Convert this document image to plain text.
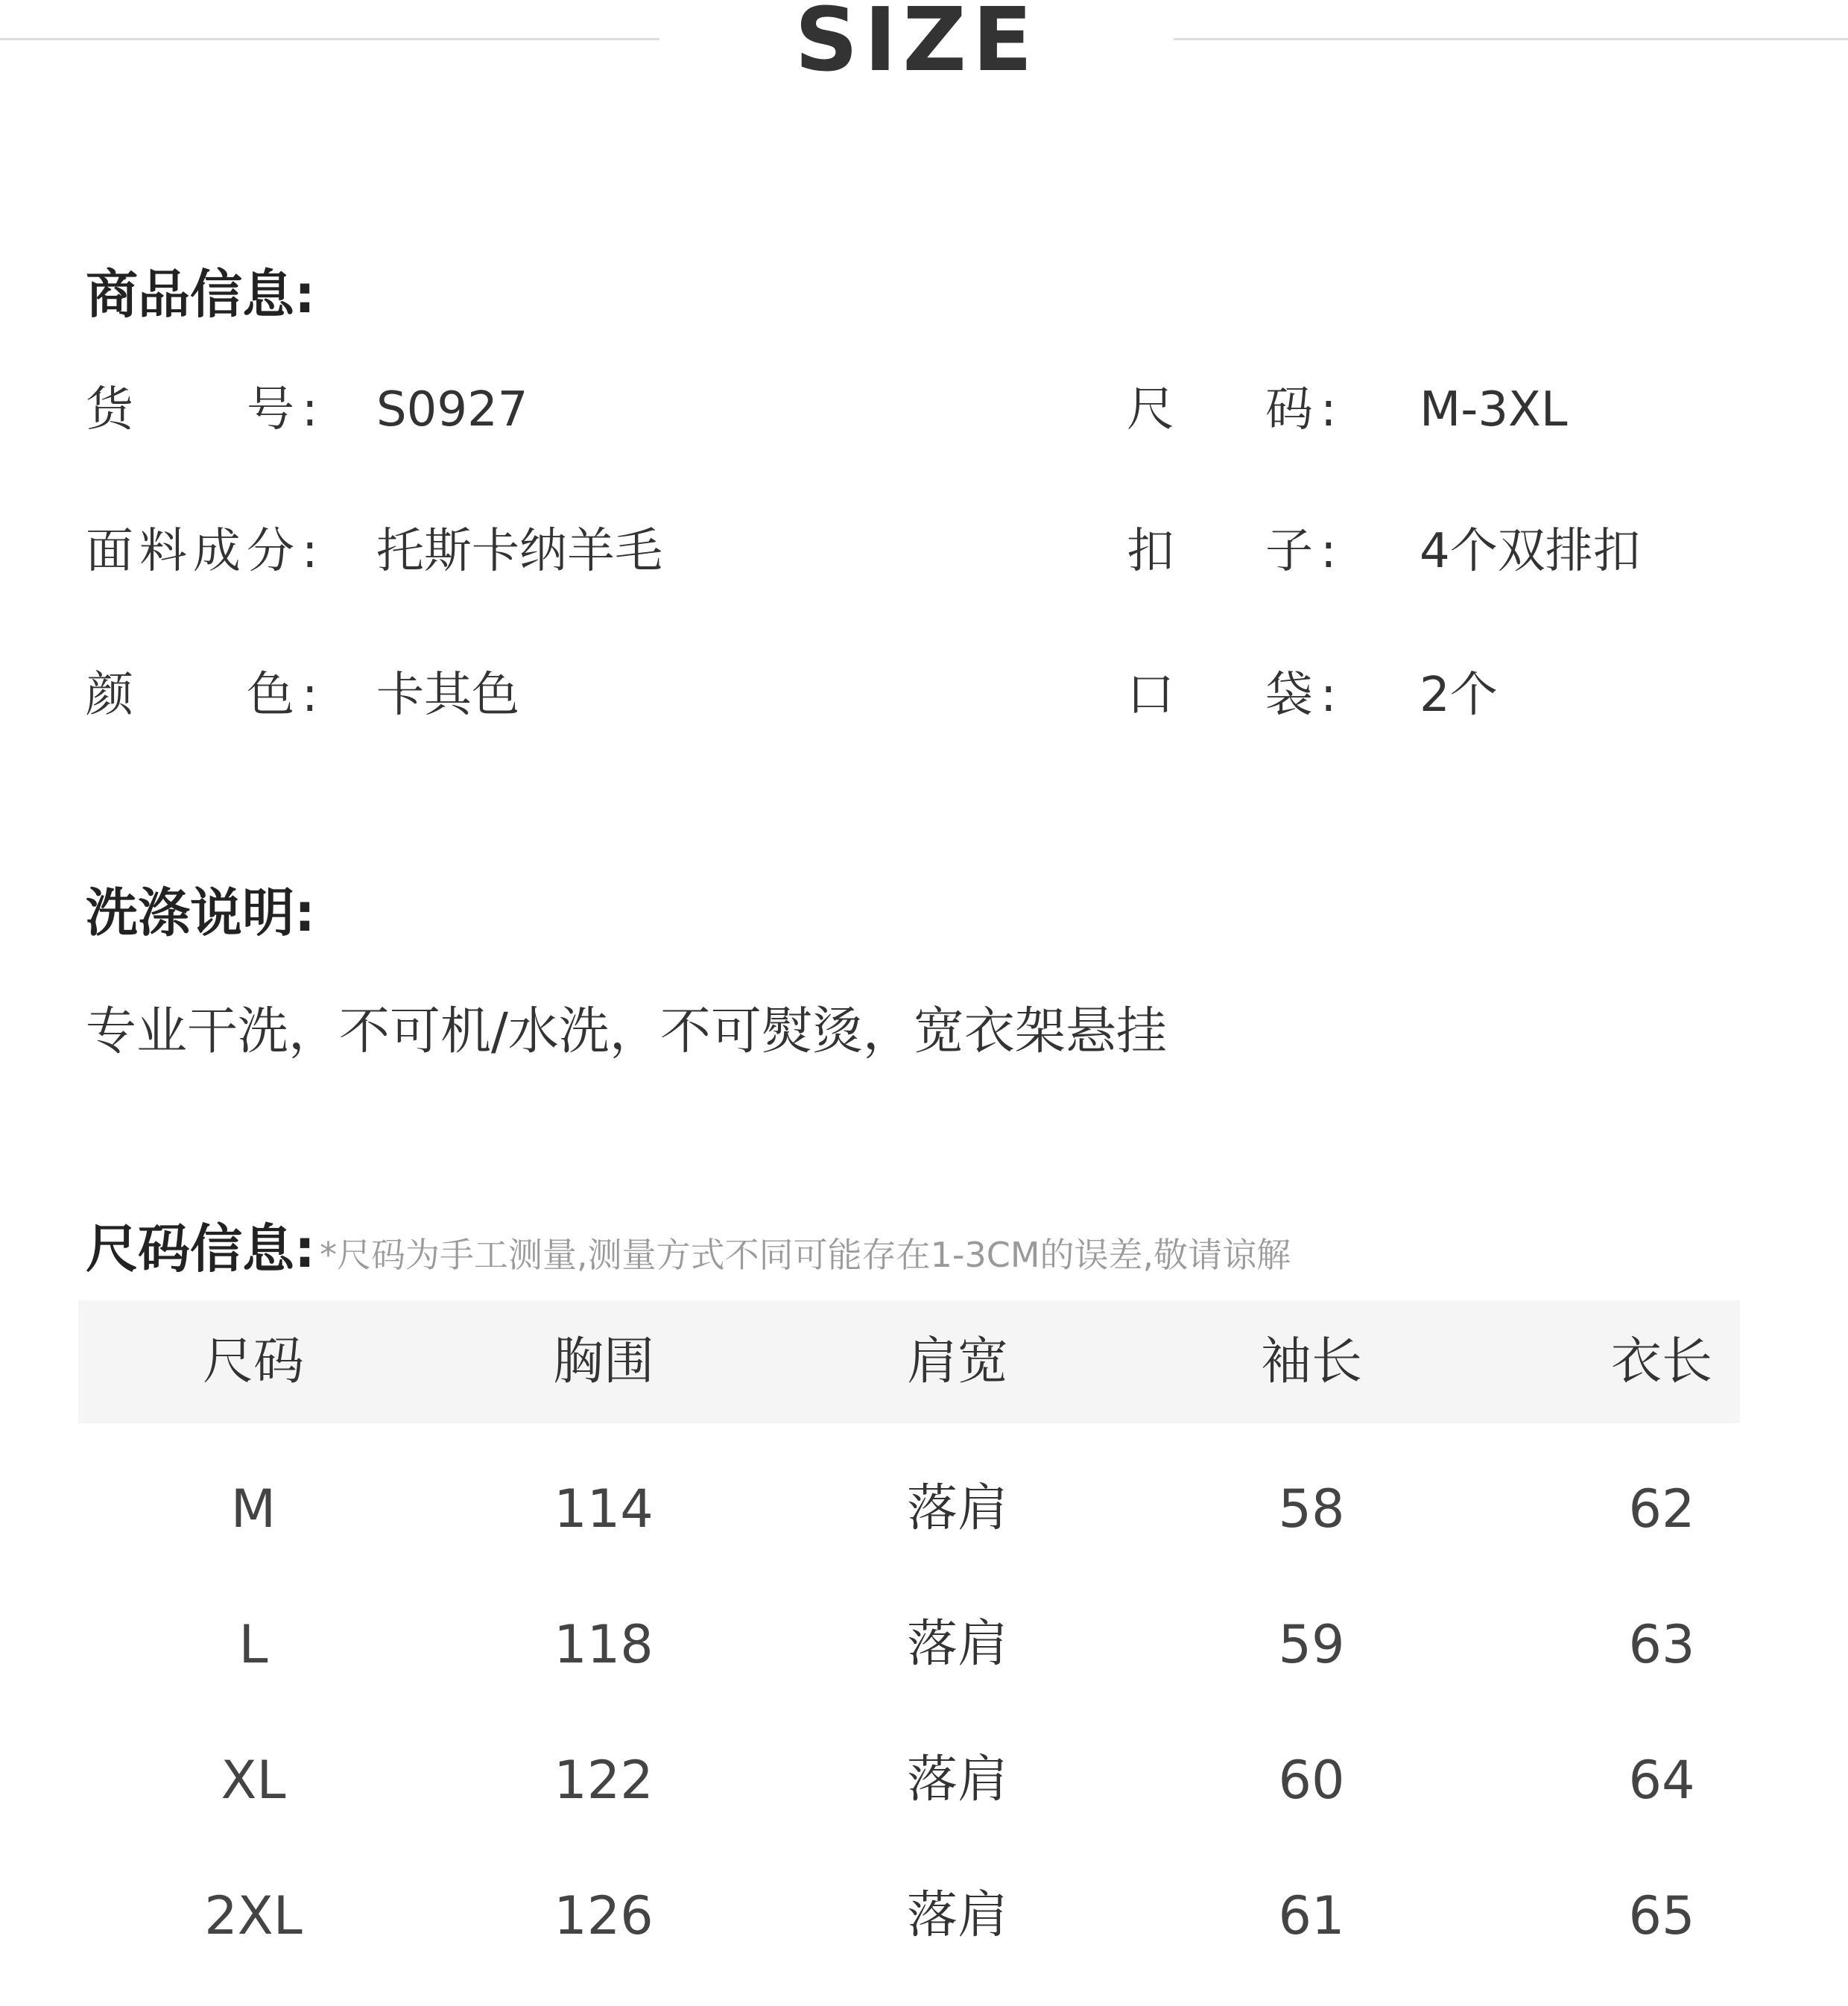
SIZE
商品信息:
货 号 : S0927	尺 码 : M-3XL
面 料 成 分 : 托斯卡纳羊毛	扣 子 : 4个双排扣
颜 色 : 卡其色	口 袋 : 2个
洗涤说明:
专业干洗，不可机/水洗，不可熨烫，宽衣架悬挂
尺码信息: *尺码为手工测量,测量方式不同可能存在1-3CM的误差,敬请谅解
尺码	胸围	肩宽	袖长	衣长
M	114	落肩	58	62
L	118	落肩	59	63
XL	122	落肩	60	64
2XL	126	落肩	61	65
